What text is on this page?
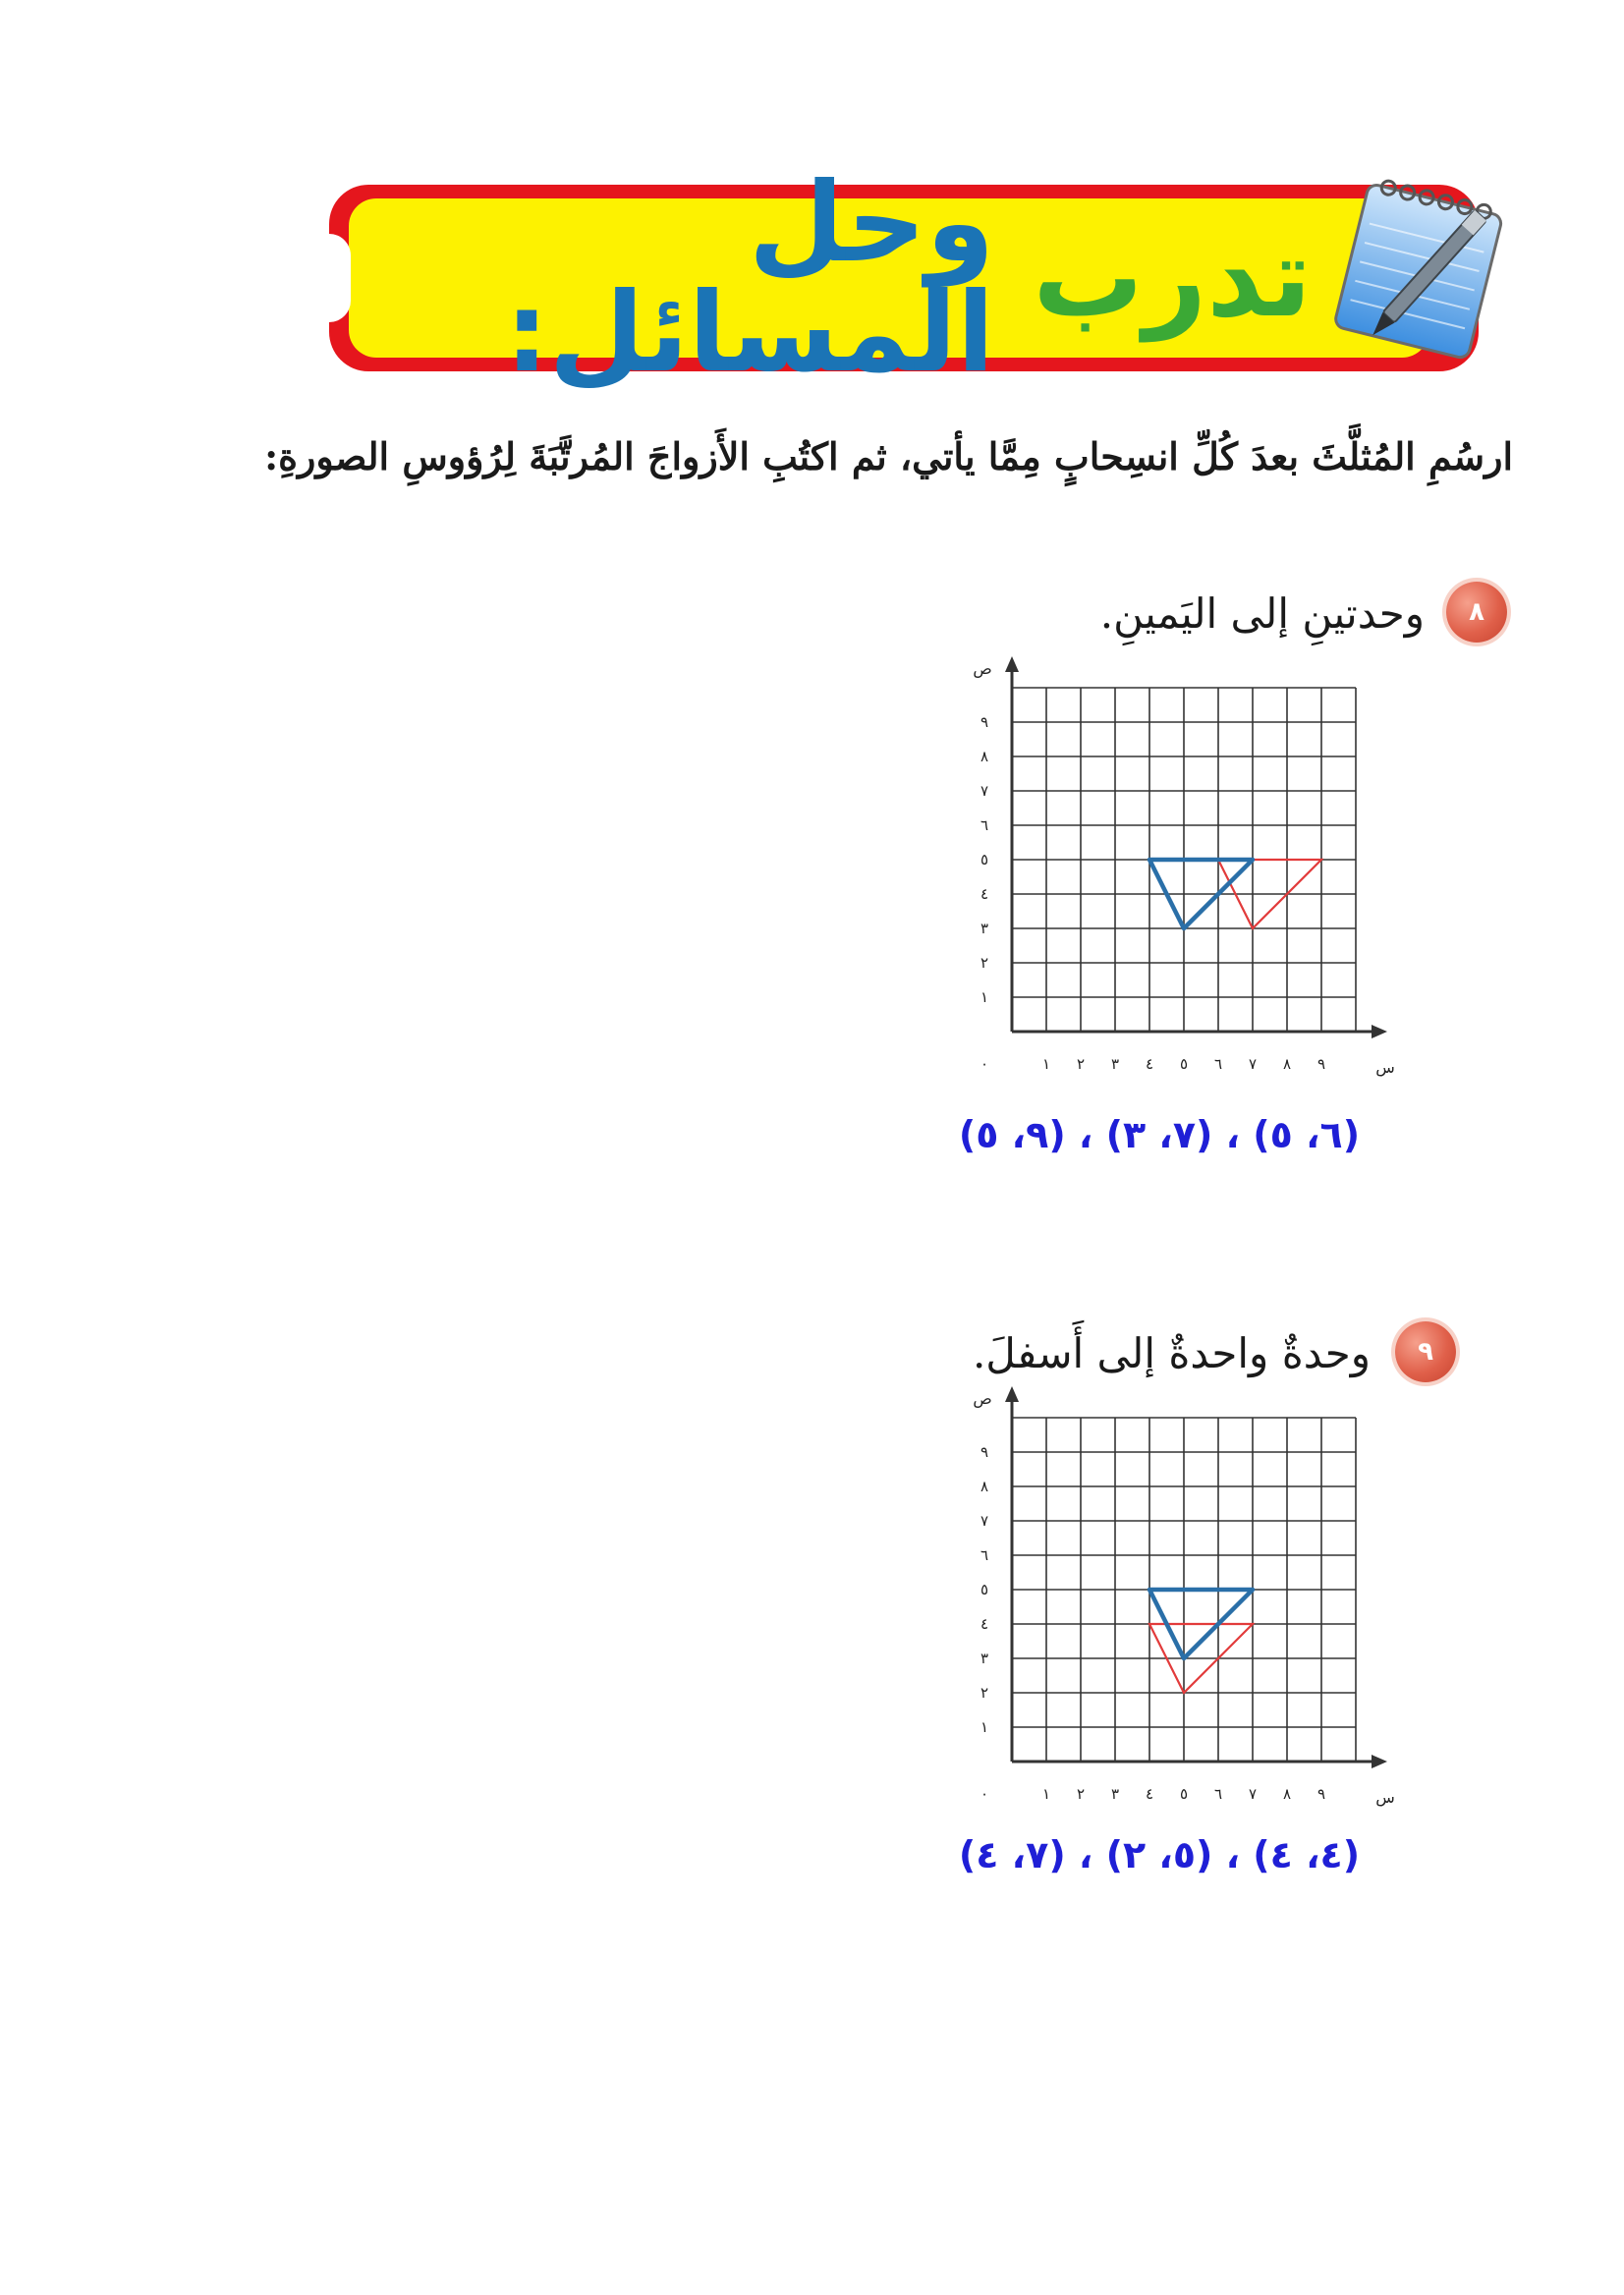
تدرب

وحل المسائل:
ارسُمِ المُثلَّثَ بعدَ كُلِّ انسِحابٍ مِمَّا يأتي، ثم اكتُبِ الأَزواجَ المُرتَّبَةَ لِرُؤوسِ الصورةِ:
٨
وحدتينِ إلى اليَمينِ.
١ ٢ ٣ ٤ ٥ ٦ ٧ ٨ ٩
١
٢
٣
٤
٥
٦
٧
٨
٩
٠	س
ص
(٦، ٥) ، (٧، ٣) ، (٩، ٥)
٩
وحدةٌ واحدةٌ إلى أَسفلَ.
١ ٢ ٣ ٤ ٥ ٦ ٧ ٨ ٩
١
٢
٣
٤
٥
٦
٧
٨
٩
٠	س
ص
(٤، ٤) ، (٥، ٢) ، (٧، ٤)
